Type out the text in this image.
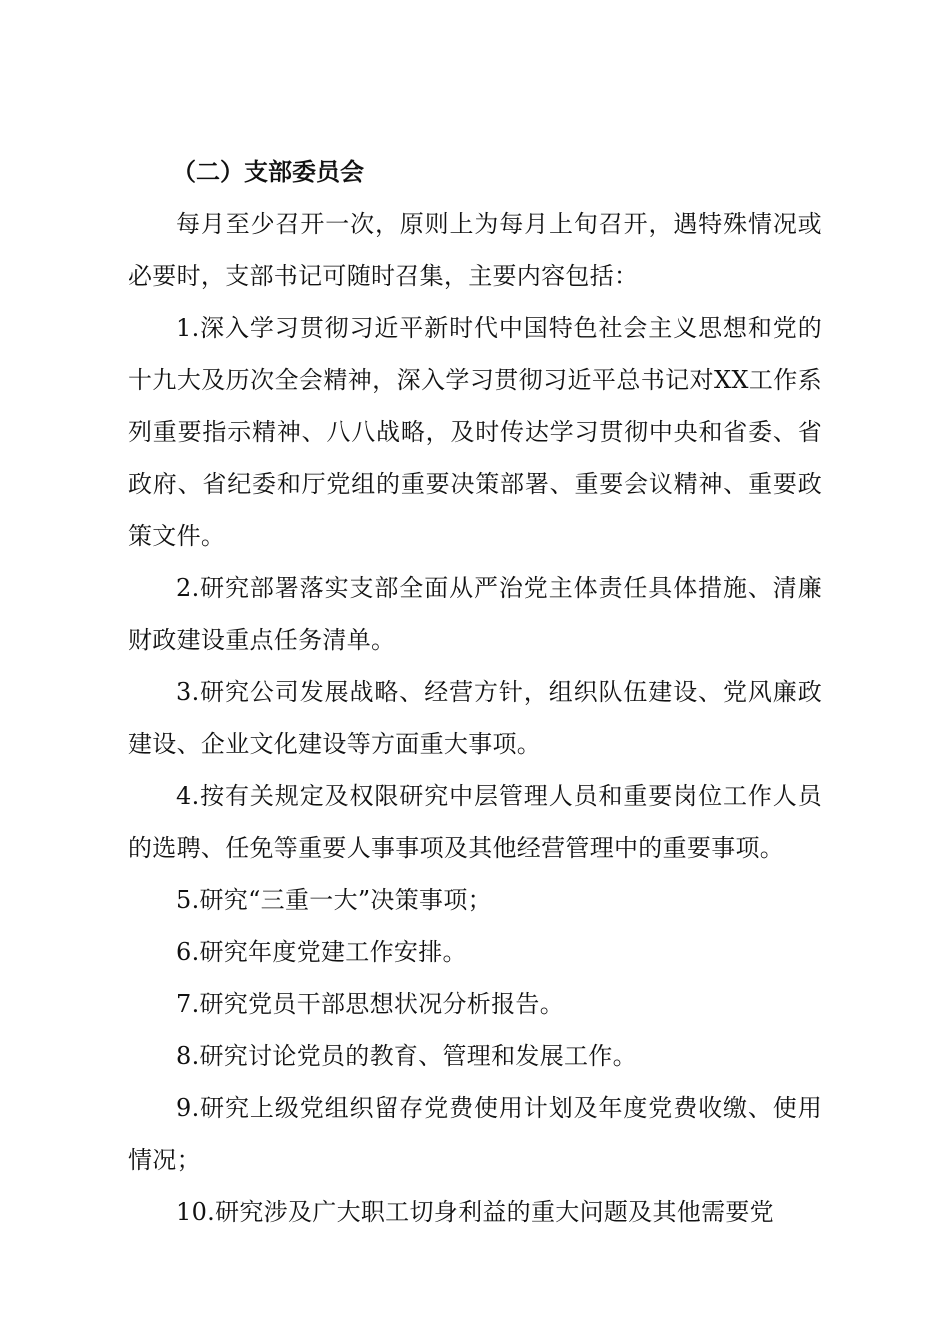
（二）支部委员会

每月至少召开一次，原则上为每月上旬召开，遇特殊情况或必要时，支部书记可随时召集，主要内容包括：

1.深入学习贯彻习近平新时代中国特色社会主义思想和党的十九大及历次全会精神，深入学习贯彻习近平总书记对XX工作系列重要指示精神、八八战略，及时传达学习贯彻中央和省委、省政府、省纪委和厅党组的重要决策部署、重要会议精神、重要政策文件。

2.研究部署落实支部全面从严治党主体责任具体措施、清廉财政建设重点任务清单。

3.研究公司发展战略、经营方针，组织队伍建设、党风廉政建设、企业文化建设等方面重大事项。

4.按有关规定及权限研究中层管理人员和重要岗位工作人员的选聘、任免等重要人事事项及其他经营管理中的重要事项。

5.研究“三重一大”决策事项；

6.研究年度党建工作安排。

7.研究党员干部思想状况分析报告。

8.研究讨论党员的教育、管理和发展工作。

9.研究上级党组织留存党费使用计划及年度党费收缴、使用情况；

10.研究涉及广大职工切身利益的重大问题及其他需要党
